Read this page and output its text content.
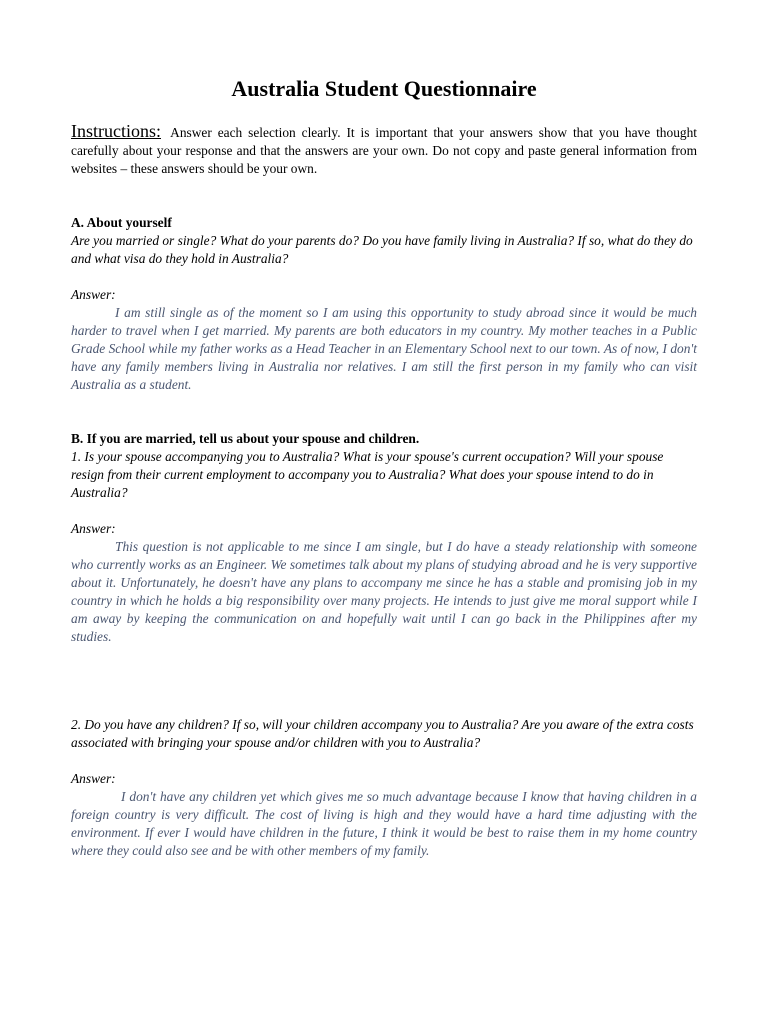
Australia Student Questionnaire

Instructions: Answer each selection clearly. It is important that your answers show that you have thought carefully about your response and that the answers are your own. Do not copy and paste general information from websites – these answers should be your own.

A. About yourself

Are you married or single? What do your parents do? Do you have family living in Australia? If so, what do they do and what visa do they hold in Australia?

Answer:

I am still single as of the moment so I am using this opportunity to study abroad since it would be much harder to travel when I get married. My parents are both educators in my country. My mother teaches in a Public Grade School while my father works as a Head Teacher in an Elementary School next to our town. As of now, I don't have any family members living in Australia nor relatives. I am still the first person in my family who can visit Australia as a student.

B. If you are married, tell us about your spouse and children.

1. Is your spouse accompanying you to Australia? What is your spouse's current occupation? Will your spouse resign from their current employment to accompany you to Australia? What does your spouse intend to do in Australia?

Answer:

This question is not applicable to me since I am single, but I do have a steady relationship with someone who currently works as an Engineer. We sometimes talk about my plans of studying abroad and he is very supportive about it. Unfortunately, he doesn't have any plans to accompany me since he has a stable and promising job in my country in which he holds a big responsibility over many projects. He intends to just give me moral support while I am away by keeping the communication on and hopefully wait until I can go back in the Philippines after my studies.

2. Do you have any children? If so, will your children accompany you to Australia? Are you aware of the extra costs associated with bringing your spouse and/or children with you to Australia?

Answer:

I don't have any children yet which gives me so much advantage because I know that having children in a foreign country is very difficult. The cost of living is high and they would have a hard time adjusting with the environment. If ever I would have children in the future, I think it would be best to raise them in my home country where they could also see and be with other members of my family.
